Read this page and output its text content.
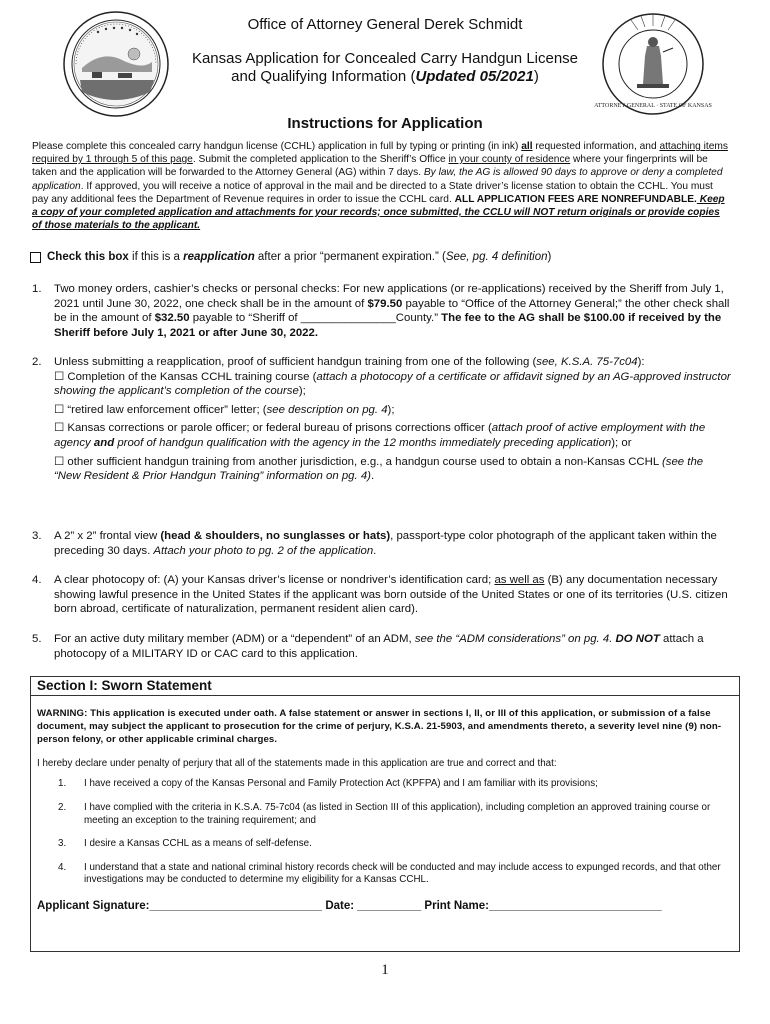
ATTORNEY GENERAL · STATE OF KANSAS
Office of Attorney General Derek Schmidt
Kansas Application for Concealed Carry Handgun License
and Qualifying Information (Updated 05/2021)
Instructions for Application
Please complete this concealed carry handgun license (CCHL) application in full by typing or printing (in ink) all requested information, and attaching items required by 1 through 5 of this page. Submit the completed application to the Sheriff’s Office in your county of residence where your fingerprints will be taken and the application will be forwarded to the Attorney General (AG) within 7 days. By law, the AG is allowed 90 days to approve or deny a completed application. If approved, you will receive a notice of approval in the mail and be directed to a State driver’s license station to obtain the CCHL. You must pay any additional fees the Department of Revenue requires in order to issue the CCHL card. ALL APPLICATION FEES ARE NONREFUNDABLE. Keep a copy of your completed application and attachments for your records; once submitted, the CCLU will NOT return originals or provide copies of those materials to the applicant.
Check this box if this is a reapplication after a prior “permanent expiration.” (See, pg. 4 definition)
1. Two money orders, cashier’s checks or personal checks: For new applications (or re-applications) received by the Sheriff from July 1, 2021 until June 30, 2022, one check shall be in the amount of $79.50 payable to “Office of the Attorney General;” the other check shall be in the amount of $32.50 payable to “Sheriff of _______________County.” The fee to the AG shall be $100.00 if received by the Sheriff before July 1, 2021 or after June 30, 2022.
2. Unless submitting a reapplication, proof of sufficient handgun training from one of the following (see, K.S.A. 75-7c04):
☐ Completion of the Kansas CCHL training course (attach a photocopy of a certificate or affidavit signed by an AG-approved instructor showing the applicant’s completion of the course);
☐ “retired law enforcement officer” letter; (see description on pg. 4);
☐ Kansas corrections or parole officer; or federal bureau of prisons corrections officer (attach proof of active employment with the agency and proof of handgun qualification with the agency in the 12 months immediately preceding application); or
☐ other sufficient handgun training from another jurisdiction, e.g., a handgun course used to obtain a non-Kansas CCHL (see the “New Resident & Prior Handgun Training” information on pg. 4).
3. A 2” x 2” frontal view (head & shoulders, no sunglasses or hats), passport-type color photograph of the applicant taken within the preceding 30 days. Attach your photo to pg. 2 of the application.
4. A clear photocopy of: (A) your Kansas driver’s license or nondriver’s identification card; as well as (B) any documentation necessary showing lawful presence in the United States if the applicant was born outside of the United States or one of its territories (U.S. citizen born abroad, certificate of naturalization, permanent resident alien card).
5. For an active duty military member (ADM) or a “dependent” of an ADM, see the “ADM considerations” on pg. 4. DO NOT attach a photocopy of a MILITARY ID or CAC card to this application.
Section I: Sworn Statement
WARNING: This application is executed under oath. A false statement or answer in sections I, II, or III of this application, or submission of a false document, may subject the applicant to prosecution for the crime of perjury, K.S.A. 21-5903, and amendments thereto, a severity level nine (9) non-person felony, or other applicable criminal charges.
I hereby declare under penalty of perjury that all of the statements made in this application are true and correct and that:
1. I have received a copy of the Kansas Personal and Family Protection Act (KPFPA) and I am familiar with its provisions;
2. I have complied with the criteria in K.S.A. 75-7c04 (as listed in Section III of this application), including completion an approved training course or meeting an exception to the training requirement; and
3. I desire a Kansas CCHL as a means of self-defense.
4. I understand that a state and national criminal history records check will be conducted and may include access to expunged records, and that other investigations may be conducted to determine my eligibility for a Kansas CCHL.
Applicant Signature:___________________________ Date: __________ Print Name:___________________________
1
